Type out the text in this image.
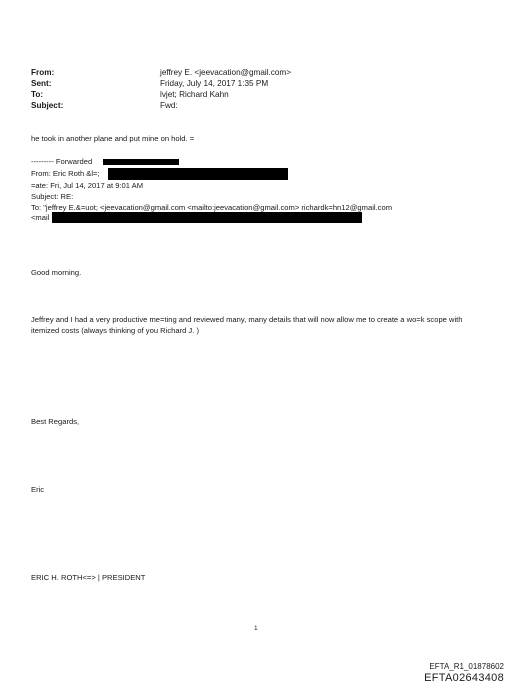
From:	jeffrey E. <jeevacation@gmail.com>
Sent:	Friday, July 14, 2017 1:35 PM
To:	lvjet; Richard Kahn
Subject:	Fwd:
he took in another plane and put mine on hold. =
--------- Forwarded
From: Eric Roth &l=;
=ate: Fri, Jul 14, 2017 at 9:01 AM
Subject: RE:
To: "jeffrey E.&=uot; <jeevacation@gmail.com <mailto:jeevacation@gmail.com> richardk=hn12@gmail.com
<mail
Good morning.
Jeffrey and I had a very productive me=ting and reviewed many, many details that will now allow me to create a wo=k scope with itemized costs (always thinking of you Richard J. )
Best Regards,
Eric
ERIC H. ROTH<=> | PRESIDENT
1
EFTA_R1_01878602
EFTA02643408
